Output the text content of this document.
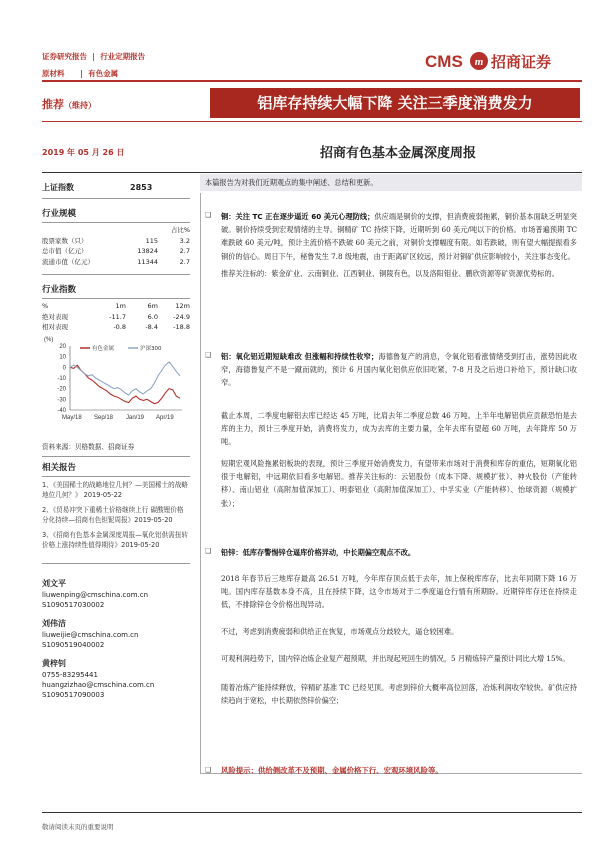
证券研究报告  |  行业定期报告
原材料      |  有色金属
CMS m 招商证券
推荐（维持）	铝库存持续大幅下降 关注三季度消费发力
2019 年 05 月 26 日	招商有色基本金属深度周报
上证指数	2853
行业规模
占比%
股票家数（只）	115	3.2
总市值（亿元）	13824	2.7
流通市值（亿元）	11344	2.7
行业指数
%	1m	6m	12m
绝对表现	-11.7	6.0	-24.9
相对表现	-0.8	-8.4	-18.8
(%)
20
10
0
-10
-20
-30
-40
May/18 Sep/18 Jan/19 Apr/19
有色金属	沪深300
资料来源：贝格数据、招商证券
相关报告
1、《美国稀土的战略地位几何？—美国稀土的战略地位几何？》 2019-05-22
2、《贸易冲突下重稀土价格继续上行 碳酸锂价格分化持续—招商有色钽铌周报》2019-05-20
3、《招商有色基本金属深度周报—氧化铝供需扭转 价格上涨持续性值得期待》2019-05-20
刘文平
liuwenping@cmschina.com.cn
S1090517030002
刘伟洁
liuweijie@cmschina.com.cn
S1090519040002
黄梓钊
0755-83295441
huangzizhao@cmschina.com.cn
S1090517090003
本篇报告为对我们近期观点的集中阐述、总结和更新。
❑ 铜：关注 TC 正在逐步逼近 60 美元心理防线；供应端是铜价的支撑，但消费疲弱拖累，铜价基本面缺乏明显突破。铜价持续受到宏观情绪的主导。铜精矿 TC 持续下降，近期听到 60 美元/吨以下的价格。市场普遍预期 TC 难跌破 60 美元/吨，预计主流价格不跌破 60 美元之前，对铜价支撑幅度有限。如若跌破，则有望大幅提振看多铜价的信心。周日下午，秘鲁发生 7.8 级地震，由于距离矿区较远，预计对铜矿供应影响较小，关注事态变化。
推荐关注标的：紫金矿业、云南铜业、江西铜业、铜陵有色，以及洛阳钼业、鹏欣资源等矿资源优势标的。
❑ 铝：氧化铝近期短缺难改 但涨幅和持续性收窄；海德鲁复产的消息，令氧化铝看涨情绪受到打击，涨势因此收窄，海德鲁复产不是一蹴而就的，预计 6 月国内氧化铝供应依旧吃紧，7-8 月及之后进口补给下，预计缺口收窄。
截止本周，二季度电解铝去库已经达 45 万吨，比肩去年二季度总数 46 万吨。上半年电解铝供应贡献恐怕是去库的主力，预计三季度开始，消费将发力，成为去库的主要力量，全年去库有望超 60 万吨，去年降库 50 万吨。
短期宏观风险拖累铝板块的表现，预计三季度开始消费发力，有望带来市场对于消费和库存的重估，短期氧化铝很于电解铝，中远期依旧看多电解铝。推荐关注标的：云铝股份（成本下降、规模扩张）、神火股份（产能转移）、南山铝业（高附加值深加工）、明泰铝业（高附加值深加工）、中孚实业（产能转移）、怡球资源（规模扩张）；
❑ 铅锌：低库存警惕锌仓逼库价格异动，中长期偏空观点不改。
2018 年春节后三地库存最高 26.51 万吨，今年库存顶点低于去年，加上保税库库存，比去年同期下降 16 万吨。国内库存基数本身不高，且在持续下降，这令市场对于二季度逼仓行情有所期盼。近期锌库存还在持续走低，不排除锌仓令价格出现异动。
不过，考虑到消费疲弱和供给正在恢复，市场观点分歧较大，逼仓较困难。
可观利润趋势下，国内锌冶炼企业复产超预期，并出现起死回生的情况，5 月精炼锌产量预计同比大增 15%。
随着冶炼产能持续释放，锌精矿基准 TC 已经见顶。考虑到锌价大概率高位回落，冶炼利润收窄较快。矿供应持续趋向于宽松，中长期依然锌价偏空；
❑ 风险提示：供给侧改革不及预期、金属价格下行、宏观环境风险等。
敬请阅读末页的重要说明
